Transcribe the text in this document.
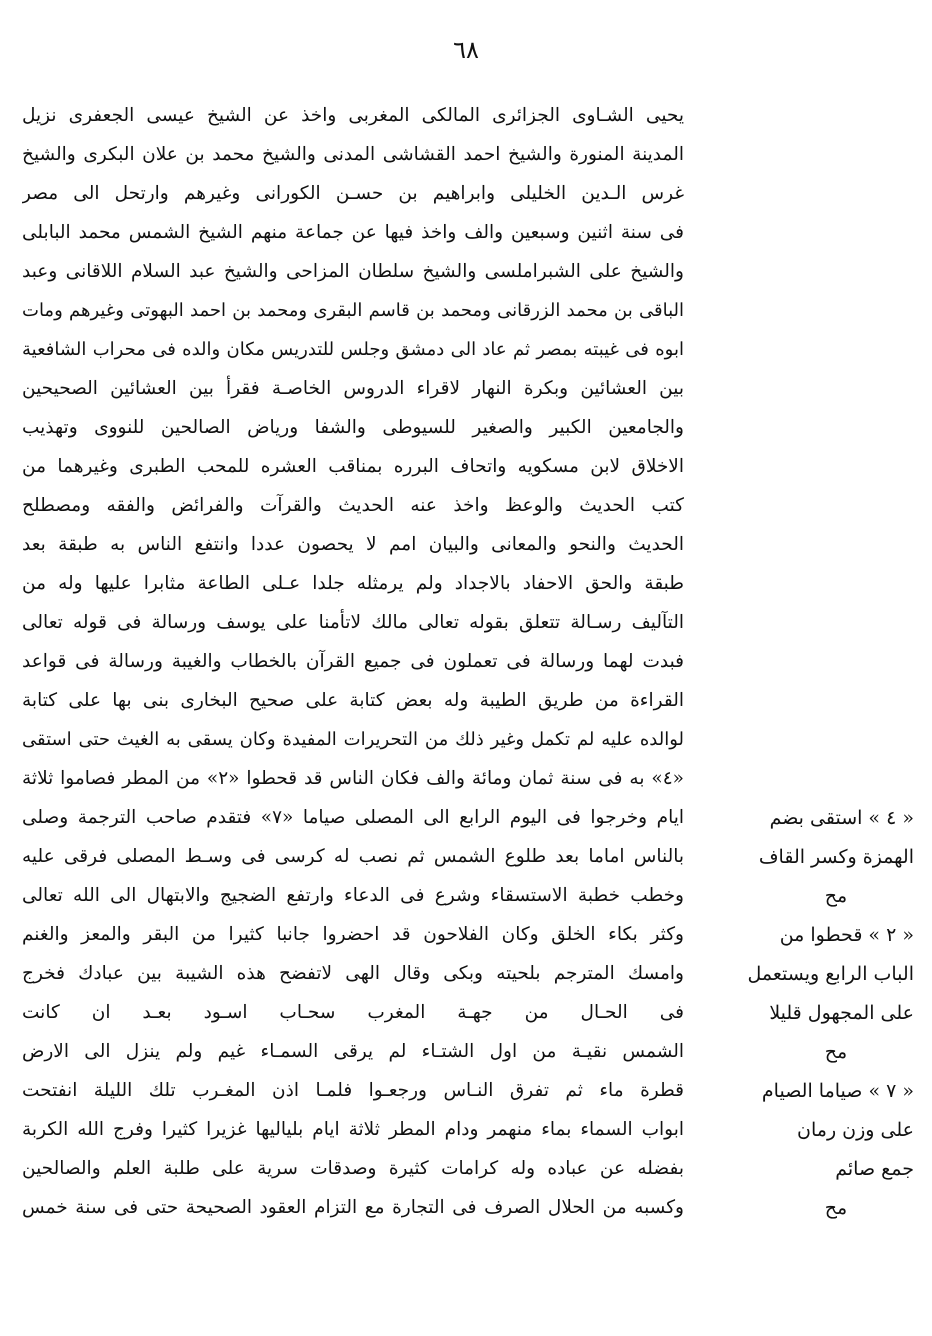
٦٨
يحيى الشـاوى الجزائرى المالكى المغربى واخذ عن الشيخ عيسى الجعفرى نزيل
المدينة المنورة والشيخ احمد القشاشى المدنى والشيخ محمد بن علان البكرى والشيخ
غرس الـدين الخليلى وابراهيم بن حسـن الكورانى وغيرهم وارتحل الى مصر
فى سنة اثنين وسبعين والف واخذ فيها عن جماعة منهم الشيخ الشمس محمد البابلى
والشيخ على الشبراملسى والشيخ سلطان المزاحى والشيخ عبد السلام اللاقانى وعبد
الباقى بن محمد الزرقانى ومحمد بن قاسم البقرى ومحمد بن احمد البهوتى وغيرهم ومات
ابوه فى غيبته بمصر ثم عاد الى دمشق وجلس للتدريس مكان والده فى محراب الشافعية
بين العشائين وبكرة النهار لاقراء الدروس الخاصـة فقرأ بين العشائين الصحيحين
والجامعين الكبير والصغير للسيوطى والشفا ورياض الصالحين للنووى وتهذيب
الاخلاق لابن مسكويه واتحاف البرره بمناقب العشره للمحب الطبرى وغيرهما من
كتب الحديث والوعظ واخذ عنه الحديث والقرآت والفرائض والفقه ومصطلح
الحديث والنحو والمعانى والبيان امم لا يحصون عددا وانتفع الناس به طبقة بعد
طبقة والحق الاحفاد بالاجداد ولم يرمثله جلدا عـلى الطاعة مثابرا عليها وله من
التآليف رسـالة تتعلق بقوله تعالى مالك لاتأمنا على يوسف ورسالة فى قوله تعالى
فبدت لهما ورسالة فى تعملون فى جميع القرآن بالخطاب والغيبة ورسالة فى قواعد
القراءة من طريق الطيبة وله بعض كتابة على صحيح البخارى بنى بها على كتابة
لوالده عليه لم تكمل وغير ذلك من التحريرات المفيدة وكان يسقى به الغيث حتى استقى
«٤» به فى سنة ثمان ومائة والف فكان الناس قد قحطوا «٢» من المطر فصاموا ثلاثة
ايام وخرجوا فى اليوم الرابع الى المصلى صياما «٧» فتقدم صاحب الترجمة وصلى
بالناس اماما بعد طلوع الشمس ثم نصب له كرسى فى وسـط المصلى فرقى عليه
وخطب خطبة الاستسقاء وشرع فى الدعاء وارتفع الضجيج والابتهال الى الله تعالى
وكثر بكاء الخلق وكان الفلاحون قد احضروا جانبا كثيرا من البقر والمعز والغنم
وامسك المترجم بلحيته وبكى وقال الهى لاتفضح هذه الشيبة بين عبادك فخرج
فى الحـال من جهـة المغرب سحـاب اسـود بعـد ان كانت
الشمس نقيـة من اول الشتـاء لم يرقى السمـاء غيم ولم ينزل الى الارض
قطرة ماء ثم تفرق النـاس ورجعـوا فلمـا اذن المغـرب تلك الليلة انفتحت
ابواب السماء بماء منهمر ودام المطر ثلاثة ايام بلياليها غزيرا كثيرا وفرج الله الكربة
بفضله عن عباده وله كرامات كثيرة وصدقات سرية على طلبة العلم والصالحين
وكسبه من الحلال الصرف فى التجارة مع التزام العقود الصحيحة حتى فى سنة خمس
« ٤ » استقى بضم
الهمزة وكسر القاف
مح
« ٢ » قحطوا من
الباب الرابع ويستعمل
على المجهول قليلا
مح
« ٧ » صياما الصيام
على وزن رمان
جمع صائم
مح
